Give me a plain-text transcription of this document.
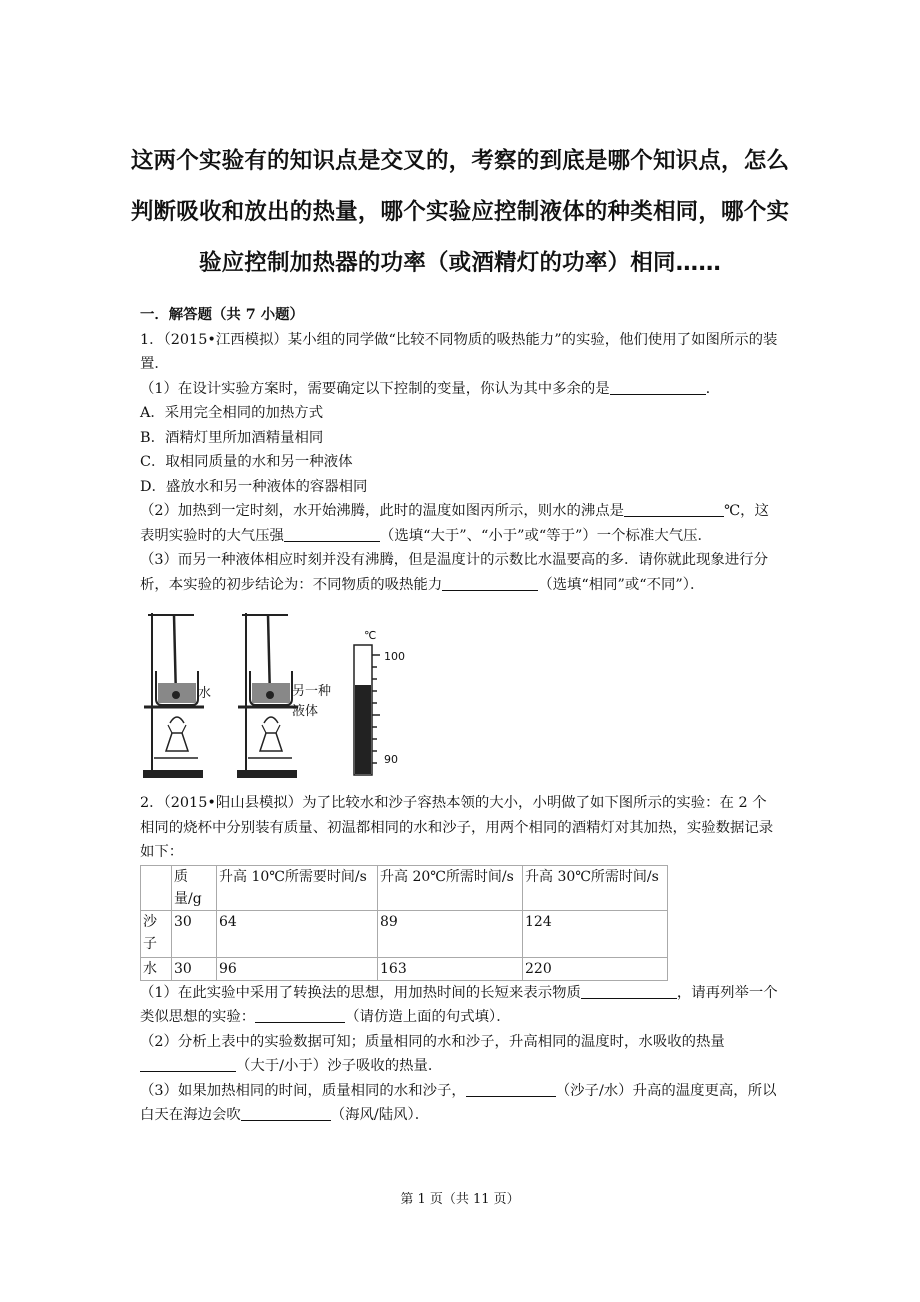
这两个实验有的知识点是交叉的，考察的到底是哪个知识点，怎么判断吸收和放出的热量，哪个实验应控制液体的种类相同，哪个实验应控制加热器的功率（或酒精灯的功率）相同……

一．解答题（共 7 小题）

1．（2015•江西模拟）某小组的同学做“比较不同物质的吸热能力”的实验，他们使用了如图所示的装置．

（1）在设计实验方案时，需要确定以下控制的变量，你认为其中多余的是	.

A．采用完全相同的加热方式

B．酒精灯里所加酒精量相同

C．取相同质量的水和另一种液体

D．盛放水和另一种液体的容器相同

（2）加热到一定时刻，水开始沸腾，此时的温度如图丙所示，则水的沸点是	℃，这表明实验时的大气压强	（选填“大于”、“小于”或“等于”）一个标准大气压．

（3）而另一种液体相应时刻并没有沸腾，但是温度计的示数比水温要高的多．请你就此现象进行分析，本实验的初步结论为：不同物质的吸热能力	（选填“相同”或“不同”）．

水	另一种
液体
℃
100
90

2．（2015•阳山县模拟）为了比较水和沙子容热本领的大小，小明做了如下图所示的实验：在 2 个相同的烧杯中分别装有质量、初温都相同的水和沙子，用两个相同的酒精灯对其加热，实验数据记录如下：

	质量/g	升高 10℃所需要时间/s	升高 20℃所需时间/s	升高 30℃所需时间/s
沙子	30	64	89	124
水	30	96	163	220

（1）在此实验中采用了转换法的思想，用加热时间的长短来表示物质	，请再列举一个类似思想的实验：	（请仿造上面的句式填）．

（2）分析上表中的实验数据可知；质量相同的水和沙子，升高相同的温度时，水吸收的热量（大于/小于）沙子吸收的热量．

（3）如果加热相同的时间，质量相同的水和沙子，	（沙子/水）升高的温度更高，所以白天在海边会吹	（海风/陆风）．

第 1 页（共 11 页）
